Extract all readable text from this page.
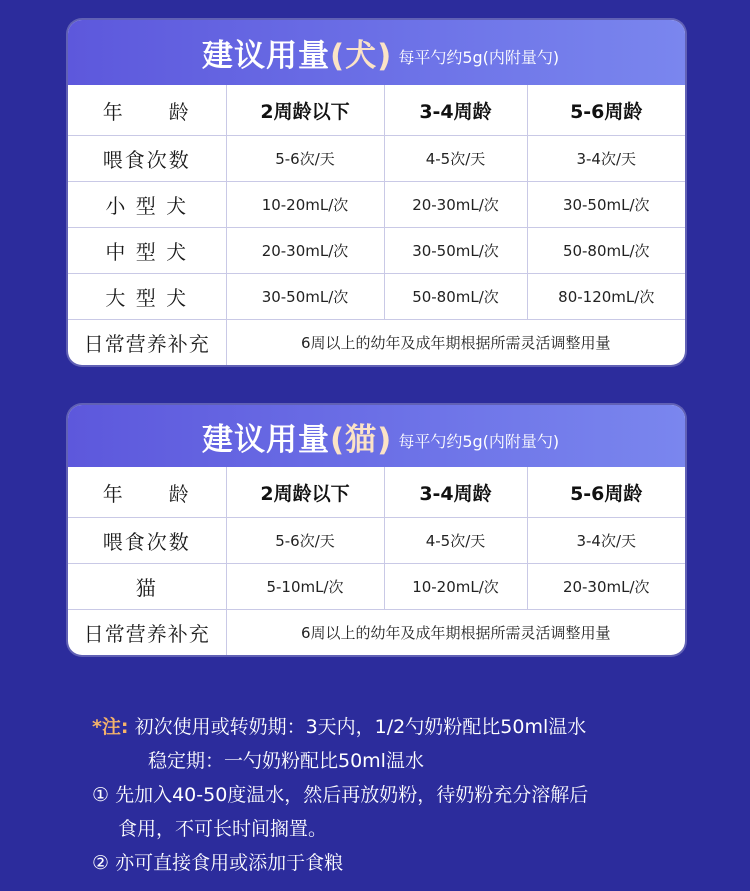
建议用量(犬) 每平勺约5g(内附量勺)
年　　龄	2周龄以下	3-4周龄	5-6周龄
喂食次数	5-6次/天	4-5次/天	3-4次/天
小 型 犬	10-20mL/次	20-30mL/次	30-50mL/次
中 型 犬	20-30mL/次	30-50mL/次	50-80mL/次
大 型 犬	30-50mL/次	50-80mL/次	80-120mL/次
日常营养补充	6周以上的幼年及成年期根据所需灵活调整用量		
建议用量(猫) 每平勺约5g(内附量勺)
年　　龄	2周龄以下	3-4周龄	5-6周龄
喂食次数	5-6次/天	4-5次/天	3-4次/天
猫	5-10mL/次	10-20mL/次	20-30mL/次
日常营养补充	6周以上的幼年及成年期根据所需灵活调整用量		
*注: 初次使用或转奶期：3天内，1/2勺奶粉配比50ml温水
稳定期：一勺奶粉配比50ml温水
① 先加入40-50度温水，然后再放奶粉，待奶粉充分溶解后
食用，不可长时间搁置。
② 亦可直接食用或添加于食粮
